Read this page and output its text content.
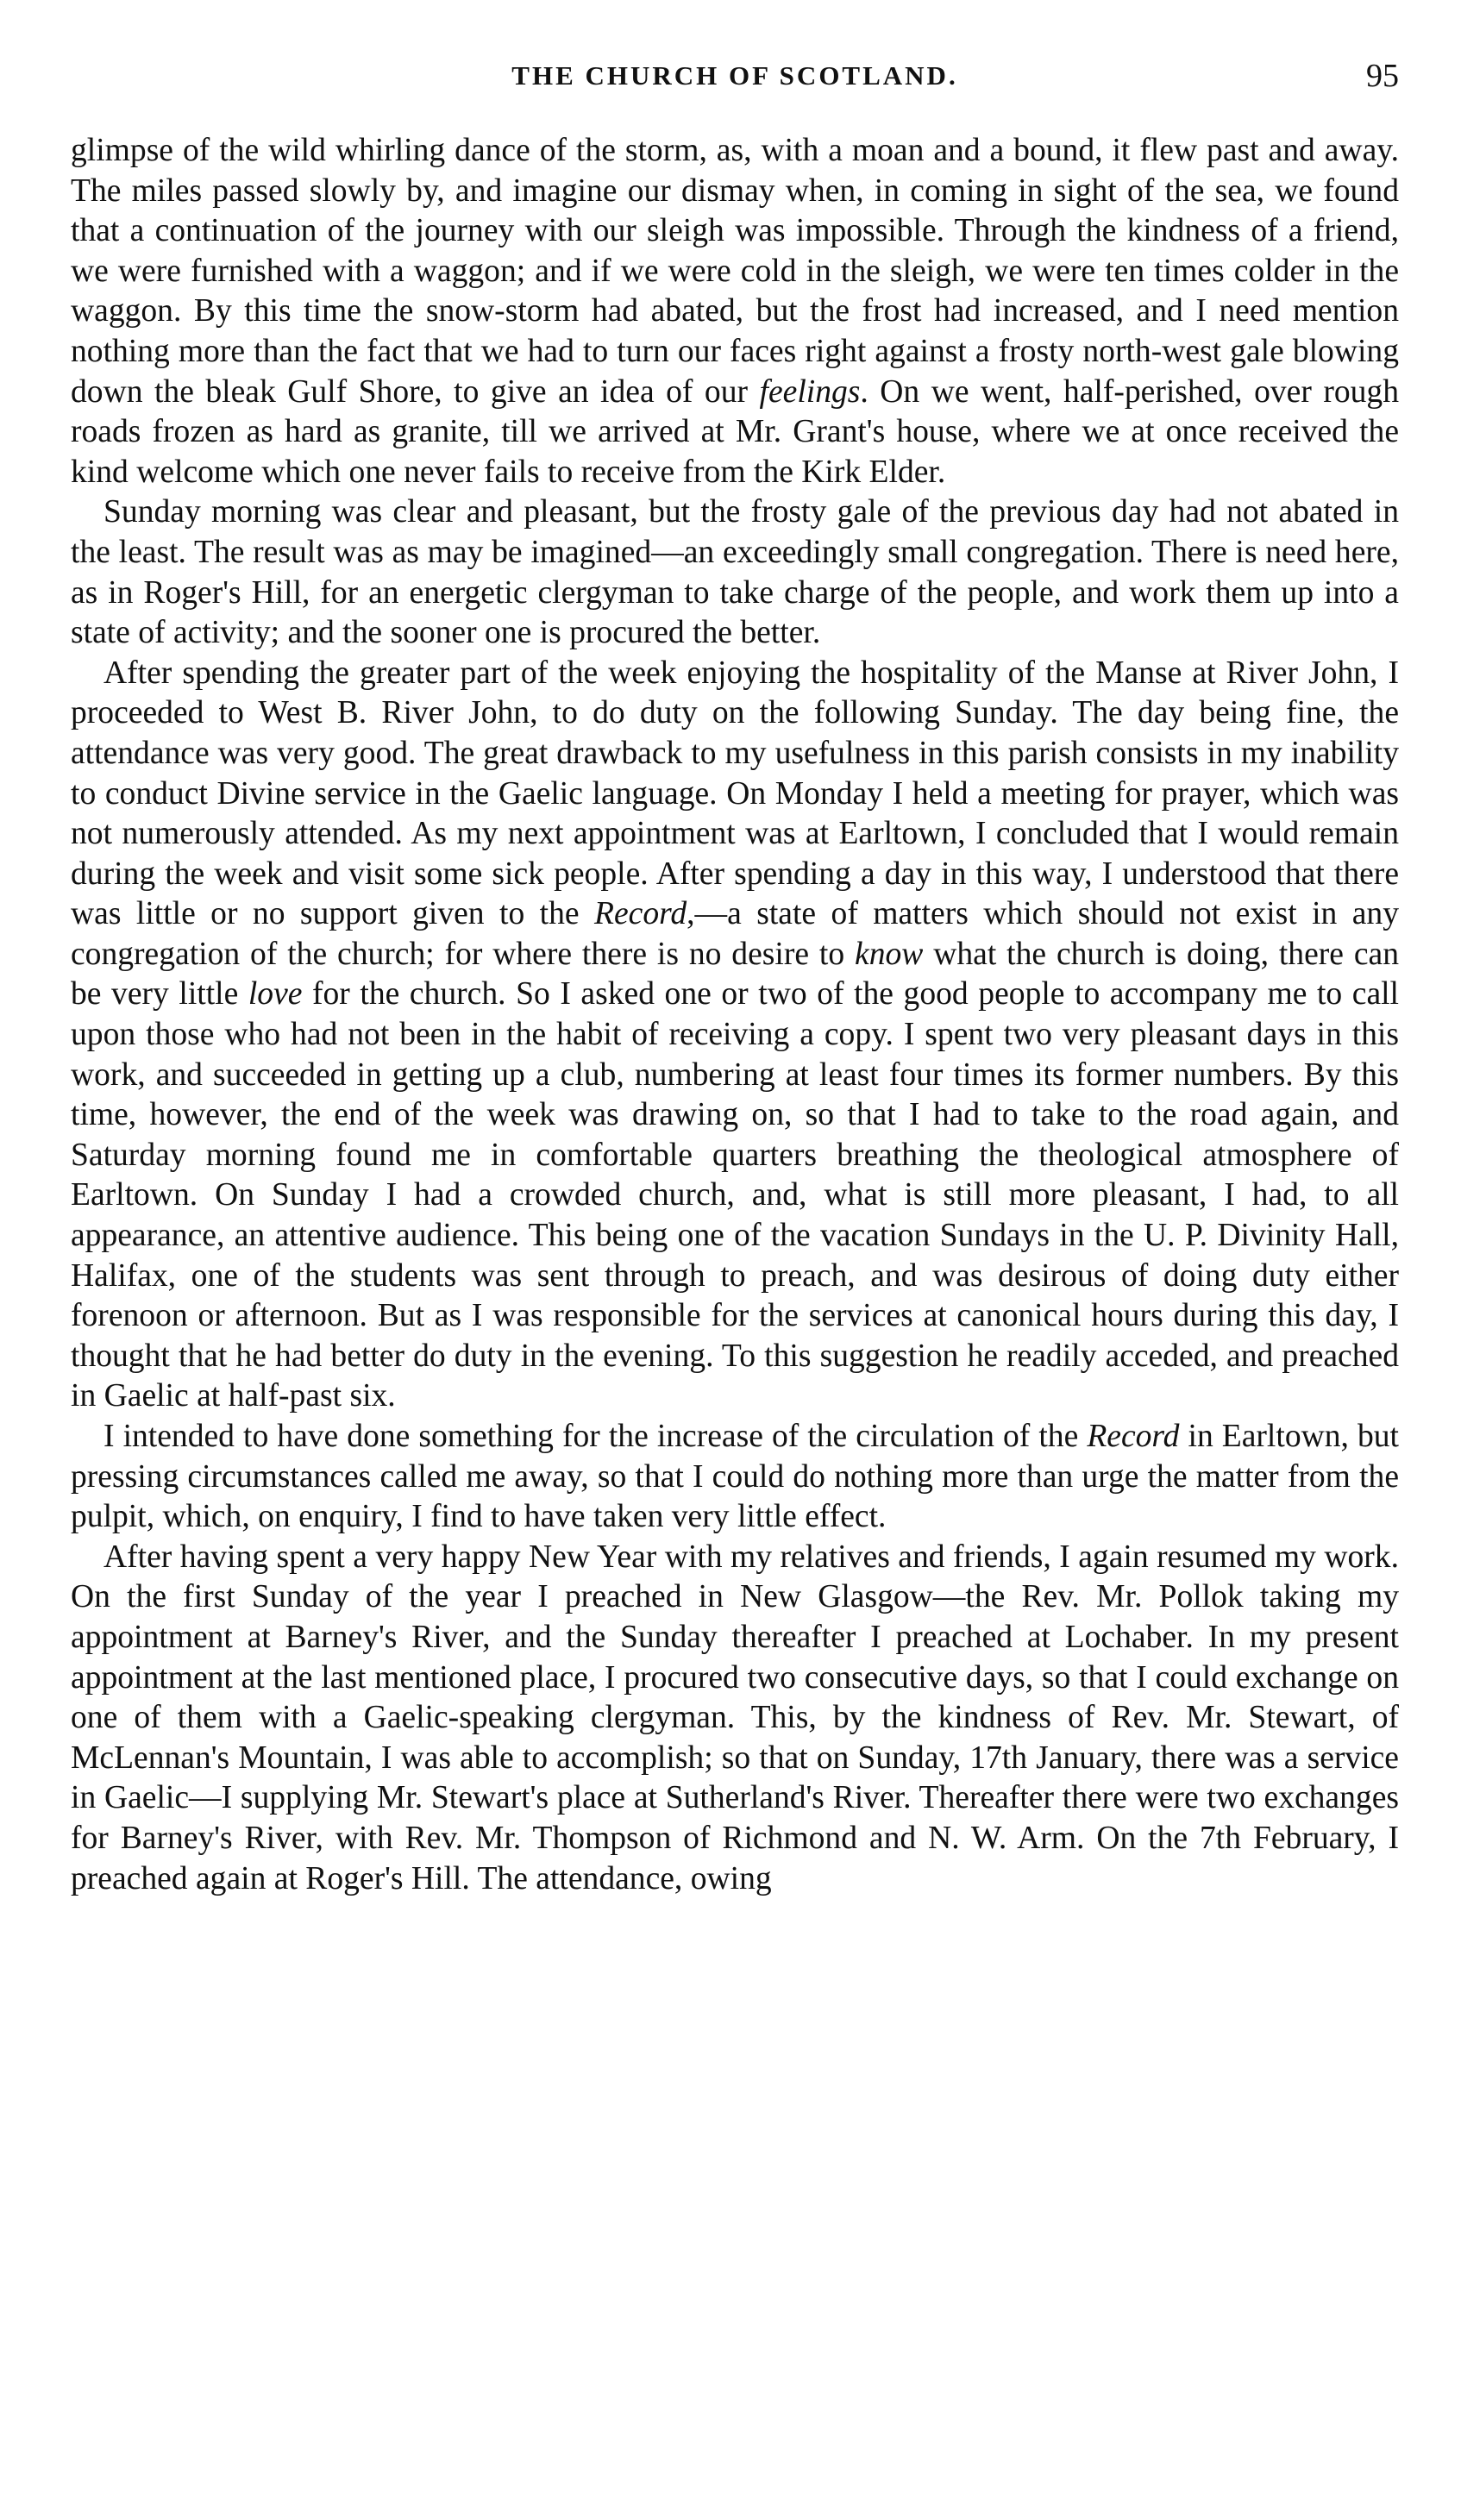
THE CHURCH OF SCOTLAND.	95

glimpse of the wild whirling dance of the storm, as, with a moan and a bound, it flew past and away. The miles passed slowly by, and imagine our dismay when, in coming in sight of the sea, we found that a continuation of the journey with our sleigh was impossible. Through the kindness of a friend, we were furnished with a waggon; and if we were cold in the sleigh, we were ten times colder in the waggon. By this time the snow-storm had abated, but the frost had increased, and I need mention nothing more than the fact that we had to turn our faces right against a frosty north-west gale blowing down the bleak Gulf Shore, to give an idea of our feelings. On we went, half-perished, over rough roads frozen as hard as granite, till we arrived at Mr. Grant's house, where we at once received the kind welcome which one never fails to receive from the Kirk Elder.

Sunday morning was clear and pleasant, but the frosty gale of the previous day had not abated in the least. The result was as may be imagined—an exceedingly small congregation. There is need here, as in Roger's Hill, for an energetic clergyman to take charge of the people, and work them up into a state of activity; and the sooner one is procured the better.

After spending the greater part of the week enjoying the hospitality of the Manse at River John, I proceeded to West B. River John, to do duty on the following Sunday. The day being fine, the attendance was very good. The great drawback to my usefulness in this parish consists in my inability to conduct Divine service in the Gaelic language. On Monday I held a meeting for prayer, which was not numerously attended. As my next appointment was at Earltown, I concluded that I would remain during the week and visit some sick people. After spending a day in this way, I understood that there was little or no support given to the Record,—a state of matters which should not exist in any congregation of the church; for where there is no desire to know what the church is doing, there can be very little love for the church. So I asked one or two of the good people to accompany me to call upon those who had not been in the habit of receiving a copy. I spent two very pleasant days in this work, and succeeded in getting up a club, numbering at least four times its former numbers. By this time, however, the end of the week was drawing on, so that I had to take to the road again, and Saturday morning found me in comfortable quarters breathing the theological atmosphere of Earltown. On Sunday I had a crowded church, and, what is still more pleasant, I had, to all appearance, an attentive audience. This being one of the vacation Sundays in the U. P. Divinity Hall, Halifax, one of the students was sent through to preach, and was desirous of doing duty either forenoon or afternoon. But as I was responsible for the services at canonical hours during this day, I thought that he had better do duty in the evening. To this suggestion he readily acceded, and preached in Gaelic at half-past six.

I intended to have done something for the increase of the circulation of the Record in Earltown, but pressing circumstances called me away, so that I could do nothing more than urge the matter from the pulpit, which, on enquiry, I find to have taken very little effect.

After having spent a very happy New Year with my relatives and friends, I again resumed my work. On the first Sunday of the year I preached in New Glasgow—the Rev. Mr. Pollok taking my appointment at Barney's River, and the Sunday thereafter I preached at Lochaber. In my present appointment at the last mentioned place, I procured two consecutive days, so that I could exchange on one of them with a Gaelic-speaking clergyman. This, by the kindness of Rev. Mr. Stewart, of McLennan's Mountain, I was able to accomplish; so that on Sunday, 17th January, there was a service in Gaelic—I supplying Mr. Stewart's place at Sutherland's River. Thereafter there were two exchanges for Barney's River, with Rev. Mr. Thompson of Richmond and N. W. Arm. On the 7th February, I preached again at Roger's Hill. The attendance, owing
